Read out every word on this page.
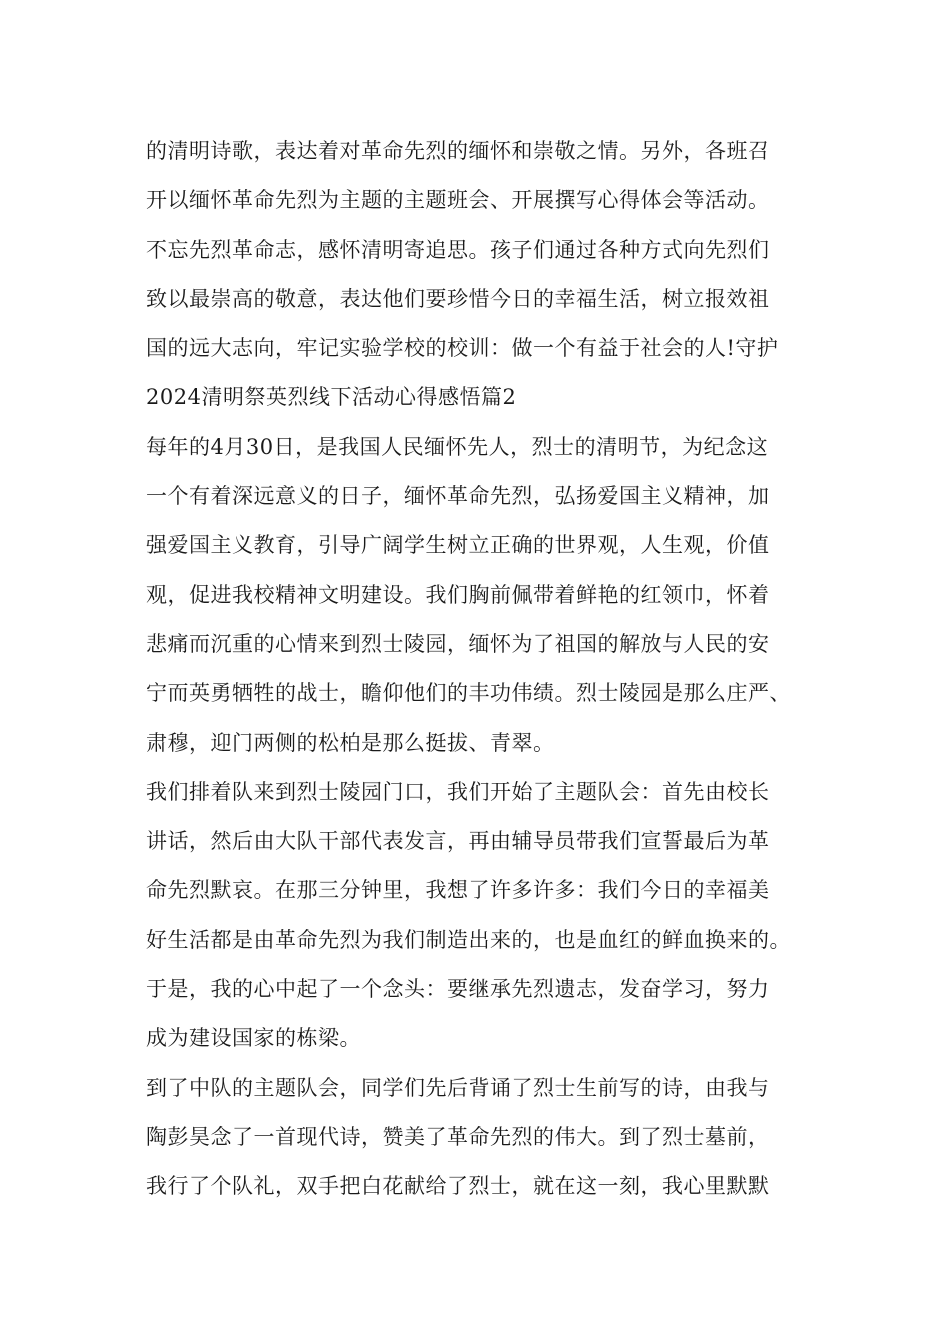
的清明诗歌，表达着对革命先烈的缅怀和崇敬之情。另外，各班召
开以缅怀革命先烈为主题的主题班会、开展撰写心得体会等活动。
不忘先烈革命志，感怀清明寄追思。孩子们通过各种方式向先烈们
致以最崇高的敬意，表达他们要珍惜今日的幸福生活，树立报效祖
国的远大志向，牢记实验学校的校训：做一个有益于社会的人!守护
2024清明祭英烈线下活动心得感悟篇2
每年的4月30日，是我国人民缅怀先人，烈士的清明节，为纪念这
一个有着深远意义的日子，缅怀革命先烈，弘扬爱国主义精神，加
强爱国主义教育，引导广阔学生树立正确的世界观，人生观，价值
观，促进我校精神文明建设。我们胸前佩带着鲜艳的红领巾，怀着
悲痛而沉重的心情来到烈士陵园，缅怀为了祖国的解放与人民的安
宁而英勇牺牲的战士，瞻仰他们的丰功伟绩。烈士陵园是那么庄严、
肃穆，迎门两侧的松柏是那么挺拔、青翠。
我们排着队来到烈士陵园门口，我们开始了主题队会：首先由校长
讲话，然后由大队干部代表发言，再由辅导员带我们宣誓最后为革
命先烈默哀。在那三分钟里，我想了许多许多：我们今日的幸福美
好生活都是由革命先烈为我们制造出来的，也是血红的鲜血换来的。
于是，我的心中起了一个念头：要继承先烈遗志，发奋学习，努力
成为建设国家的栋梁。
到了中队的主题队会，同学们先后背诵了烈士生前写的诗，由我与
陶彭昊念了一首现代诗，赞美了革命先烈的伟大。到了烈士墓前，
我行了个队礼，双手把白花献给了烈士，就在这一刻，我心里默默
